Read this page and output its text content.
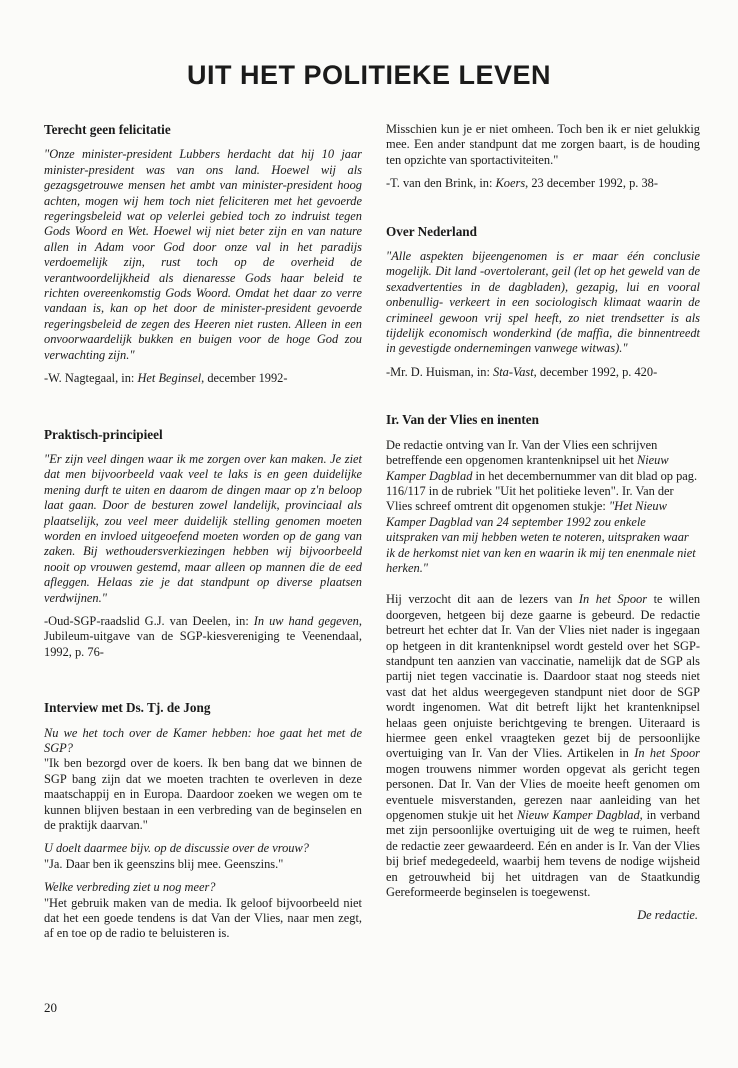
UIT HET POLITIEKE LEVEN
Terecht geen felicitatie

"Onze minister-president Lubbers herdacht dat hij 10 jaar minister-president was van ons land. Hoewel wij als gezagsgetrouwe mensen het ambt van minister-president hoog achten, mogen wij hem toch niet feliciteren met het gevoerde regeringsbeleid wat op velerlei gebied toch zo indruist tegen Gods Woord en Wet. Hoewel wij niet beter zijn en van nature allen in Adam voor God door onze val in het paradijs verdoemelijk zijn, rust toch op de overheid de verantwoordelijkheid als dienaresse Gods haar beleid te richten overeenkomstig Gods Woord. Omdat het daar zo verre vandaan is, kan op het door de minister-president gevoerde regeringsbeleid de zegen des Heeren niet rusten. Alleen in een onvoorwaardelijk bukken en buigen voor de hoge God zou verwachting zijn."

-W. Nagtegaal, in: Het Beginsel, december 1992-

Praktisch-principieel

"Er zijn veel dingen waar ik me zorgen over kan maken. Je ziet dat men bijvoorbeeld vaak veel te laks is en geen duidelijke mening durft te uiten en daarom de dingen maar op z'n beloop laat gaan. Door de besturen zowel landelijk, provinciaal als plaatselijk, zou veel meer duidelijk stelling genomen moeten worden en invloed uitgeoefend moeten worden op de gang van zaken. Bij wethoudersverkiezingen hebben wij bijvoorbeeld nooit op vrouwen gestemd, maar alleen op mannen die de eed afleggen. Helaas zie je dat standpunt op diverse plaatsen verdwijnen."

-Oud-SGP-raadslid G.J. van Deelen, in: In uw hand gegeven, Jubileum-uitgave van de SGP-kiesvereniging te Veenendaal, 1992, p. 76-

Interview met Ds. Tj. de Jong

Nu we het toch over de Kamer hebben: hoe gaat het met de SGP?

"Ik ben bezorgd over de koers. Ik ben bang dat we binnen de SGP bang zijn dat we moeten trachten te overleven in deze maatschappij en in Europa. Daardoor zoeken we wegen om te kunnen blijven bestaan in een verbreding van de beginselen en de praktijk daarvan."

U doelt daarmee bijv. op de discussie over de vrouw?

"Ja. Daar ben ik geenszins blij mee. Geenszins."

Welke verbreding ziet u nog meer?

"Het gebruik maken van de media. Ik geloof bijvoorbeeld niet dat het een goede tendens is dat Van der Vlies, naar men zegt, af en toe op de radio te beluisteren is.

Misschien kun je er niet omheen. Toch ben ik er niet gelukkig mee. Een ander standpunt dat me zorgen baart, is de houding ten opzichte van sportactiviteiten."

-T. van den Brink, in: Koers, 23 december 1992, p. 38-

Over Nederland

"Alle aspekten bijeengenomen is er maar één conclusie mogelijk. Dit land -overtolerant, geil (let op het geweld van de sexadvertenties in de dagbladen), gezapig, lui en vooral onbenullig- verkeert in een sociologisch klimaat waarin de crimineel gewoon vrij spel heeft, zo niet trendsetter is als tijdelijk economisch wonderkind (de maffia, die binnentreedt in gevestigde ondernemingen vanwege witwas)."

-Mr. D. Huisman, in: Sta-Vast, december 1992, p. 420-

Ir. Van der Vlies en inenten

De redactie ontving van Ir. Van der Vlies een schrijven betreffende een opgenomen krantenknipsel uit het Nieuw Kamper Dagblad in het decembernummer van dit blad op pag. 116/117 in de rubriek "Uit het politieke leven". Ir. Van der Vlies schreef omtrent dit opgenomen stukje: "Het Nieuw Kamper Dagblad van 24 september 1992 zou enkele uitspraken van mij hebben weten te noteren, uitspraken waar ik de herkomst niet van ken en waarin ik mij ten enenmale niet herken."

Hij verzocht dit aan de lezers van In het Spoor te willen doorgeven, hetgeen bij deze gaarne is gebeurd. De redactie betreurt het echter dat Ir. Van der Vlies niet nader is ingegaan op hetgeen in dit krantenknipsel wordt gesteld over het SGP-standpunt ten aanzien van vaccinatie, namelijk dat de SGP als partij niet tegen vaccinatie is. Daardoor staat nog steeds niet vast dat het aldus weergegeven standpunt niet door de SGP wordt ingenomen. Wat dit betreft lijkt het krantenknipsel helaas geen onjuiste berichtgeving te brengen. Uiteraard is hiermee geen enkel vraagteken gezet bij de persoonlijke overtuiging van Ir. Van der Vlies. Artikelen in In het Spoor mogen trouwens nimmer worden opgevat als gericht tegen personen. Dat Ir. Van der Vlies de moeite heeft genomen om eventuele misverstanden, gerezen naar aanleiding van het opgenomen stukje uit het Nieuw Kamper Dagblad, in verband met zijn persoonlijke overtuiging uit de weg te ruimen, heeft de redactie zeer gewaardeerd. Eén en ander is Ir. Van der Vlies bij brief medegedeeld, waarbij hem tevens de nodige wijsheid en getrouwheid bij het uitdragen van de Staatkundig Gereformeerde beginselen is toegewenst.

De redactie.
20
